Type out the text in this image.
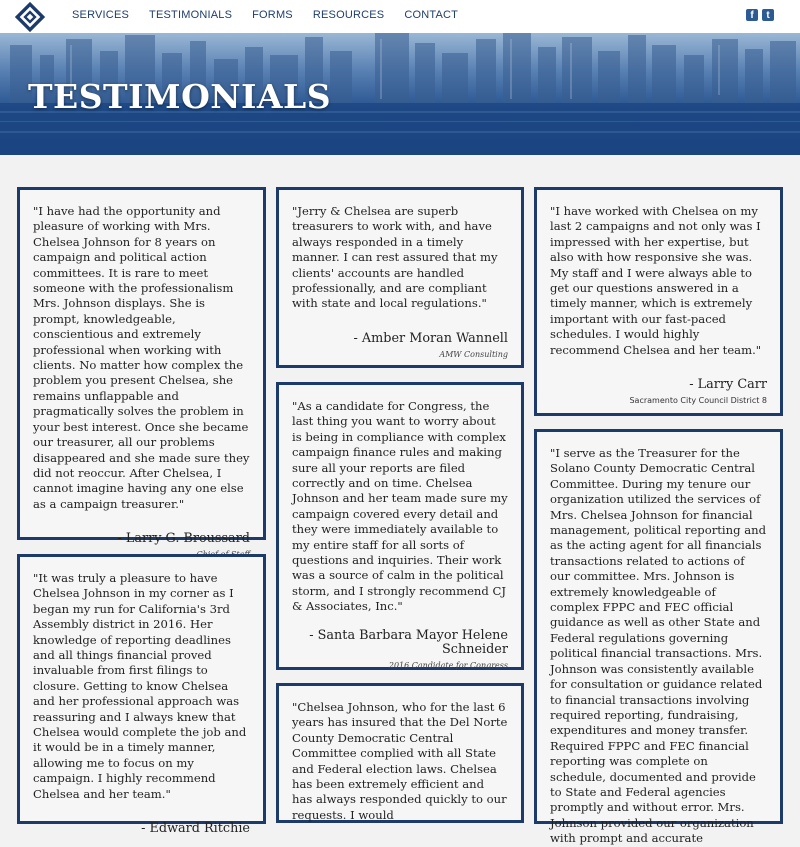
SERVICES TESTIMONIALS FORMS RESOURCES CONTACT	f	t
TESTIMONIALS

"I have had the opportunity and pleasure of working with Mrs. Chelsea Johnson for 8 years on campaign and political action committees. It is rare to meet someone with the professionalism Mrs. Johnson displays. She is prompt, knowledgeable, conscientious and extremely professional when working with clients. No matter how complex the problem you present Chelsea, she remains unflappable and pragmatically solves the problem in your best interest. Once she became our treasurer, all our problems disappeared and she made sure they did not reoccur. After Chelsea, I cannot imagine having any one else as a campaign treasurer."

- Larry G. Broussard

"It was truly a pleasure to have Chelsea Johnson in my corner as I began my run for California's 3rd Assembly district in 2016. Her knowledge of reporting deadlines and all things financial proved invaluable from first filings to closure. Getting to know Chelsea and her professional approach was reassuring and I always knew that Chelsea would complete the job and it would be in a timely manner, allowing me to focus on my campaign. I highly recommend Chelsea and her team."

- Edward Ritchie

"Jerry & Chelsea are superb treasurers to work with, and have always responded in a timely manner. I can rest assured that my clients' accounts are handled professionally, and are compliant with state and local regulations."

- Amber Moran Wannell
AMW Consulting

"As a candidate for Congress, the last thing you want to worry about is being in compliance with complex campaign finance rules and making sure all your reports are filed correctly and on time. Chelsea Johnson and her team made sure my campaign covered every detail and they were immediately available to my entire staff for all sorts of questions and inquiries. Their work was a source of calm in the political storm, and I strongly recommend CJ & Associates, Inc."

- Santa Barbara Mayor Helene Schneider
2016 Candidate for Congress

"Chelsea Johnson, who for the last 6 years has insured that the Del Norte County Democratic Central Committee complied with all State and Federal election laws. Chelsea has been extremely efficient and has always responded quickly to our requests. I would

"I have worked with Chelsea on my last 2 campaigns and not only was I impressed with her expertise, but also with how responsive she was. My staff and I were always able to get our questions answered in a timely manner, which is extremely important with our fast-paced schedules. I would highly recommend Chelsea and her team."

- Larry Carr
Sacramento City Council District 8

"I serve as the Treasurer for the Solano County Democratic Central Committee. During my tenure our organization utilized the services of Mrs. Chelsea Johnson for financial management, political reporting and as the acting agent for all financials transactions related to actions of our committee. Mrs. Johnson is extremely knowledgeable of complex FPPC and FEC official guidance as well as other State and Federal regulations governing political financial transactions. Mrs. Johnson was consistently available for consultation or guidance related to financial transactions involving required reporting, fundraising, expenditures and money transfer. Required FPPC and FEC financial reporting was complete on schedule, documented and provide to State and Federal agencies promptly and without error. Mrs. Johnson provided our organization with prompt and accurate
